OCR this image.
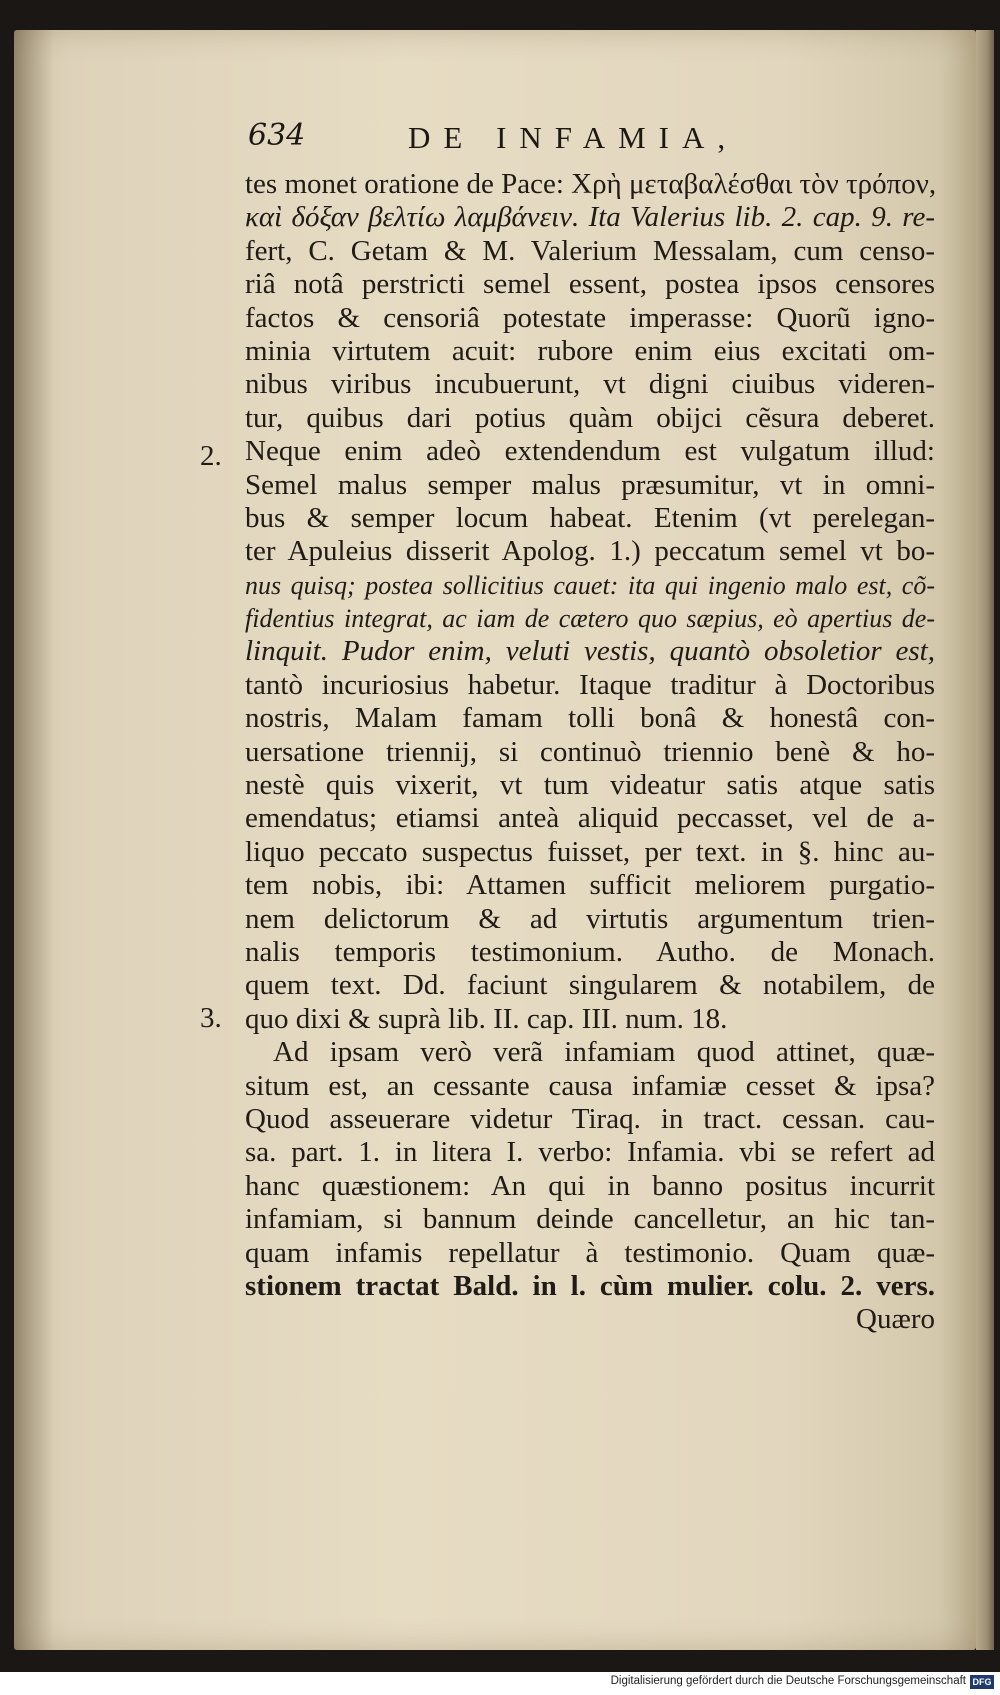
634	DE INFAMIA,
2.
3.
tes monet oratione de Pace: Χρὴ μεταβαλέσθαι τὸν τρόπον,
καὶ δόξαν βελτίω λαμβάνειν. Ita Valerius lib. 2. cap. 9. re-
fert, C. Getam & M. Valerium Messalam, cum censo-
riâ notâ perstricti semel essent, postea ipsos censores
factos & censoriâ potestate imperasse: Quorũ igno-
minia virtutem acuit: rubore enim eius excitati om-
nibus viribus incubuerunt, vt digni ciuibus videren-
tur, quibus dari potius quàm obijci cẽsura deberet.
Neque enim adeò extendendum est vulgatum illud:
Semel malus semper malus præsumitur, vt in omni-
bus & semper locum habeat. Etenim (vt perelegan-
ter Apuleius disserit Apolog. 1.) peccatum semel vt bo-
nus quisq; postea sollicitius cauet: ita qui ingenio malo est, cõ-
fidentius integrat, ac iam de cætero quo sæpius, eò apertius de-
linquit. Pudor enim, veluti vestis, quantò obsoletior est,
tantò incuriosius habetur. Itaque traditur à Doctoribus
nostris, Malam famam tolli bonâ & honestâ con-
uersatione triennij, si continuò triennio benè & ho-
nestè quis vixerit, vt tum videatur satis atque satis
emendatus; etiamsi anteà aliquid peccasset, vel de a-
liquo peccato suspectus fuisset, per text. in §. hinc au-
tem nobis, ibi: Attamen sufficit meliorem purgatio-
nem delictorum & ad virtutis argumentum trien-
nalis temporis testimonium. Autho. de Monach.
quem text. Dd. faciunt singularem & notabilem, de
quo dixi & suprà lib. II. cap. III. num. 18.
Ad ipsam verò verã infamiam quod attinet, quæ-
situm est, an cessante causa infamiæ cesset & ipsa?
Quod asseuerare videtur Tiraq. in tract. cessan. cau-
sa. part. 1. in litera I. verbo: Infamia. vbi se refert ad
hanc quæstionem: An qui in banno positus incurrit
infamiam, si bannum deinde cancelletur, an hic tan-
quam infamis repellatur à testimonio. Quam quæ-
stionem tractat Bald. in l. cùm mulier. colu. 2. vers.
Quæro
Digitalisierung gefördert durch die Deutsche Forschungsgemeinschaft DFG
